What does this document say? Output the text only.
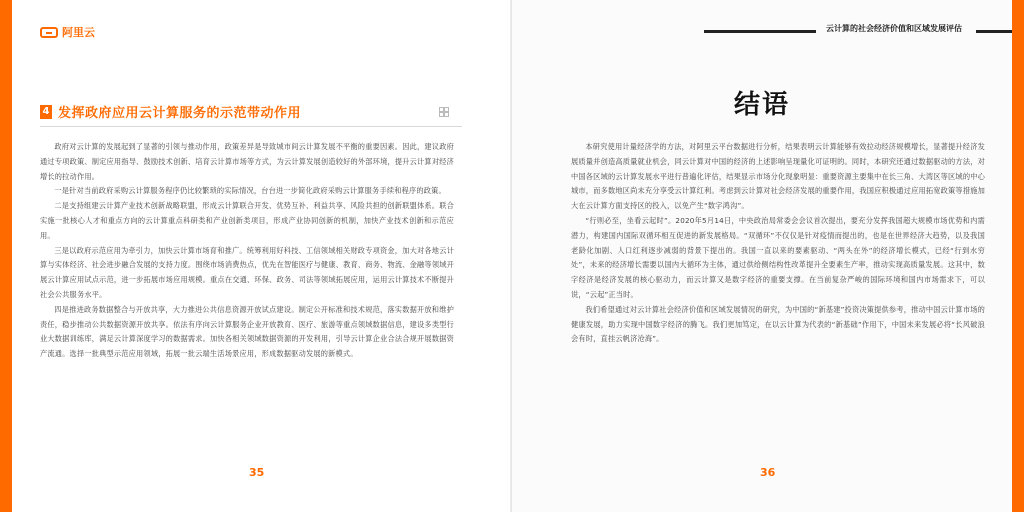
阿里云
4 发挥政府应用云计算服务的示范带动作用

政府对云计算的发展起到了显著的引领与推动作用，政策差异是导致城市间云计算发展不平衡的重要因素。因此，建议政府通过专项政策、制定应用指导、鼓励技术创新、培育云计算市场等方式，为云计算发展创造较好的外部环境，提升云计算对经济增长的拉动作用。

一是针对当前政府采购云计算服务程序仍比较繁琐的实际情况，台台进一步简化政府采购云计算服务手续和程序的政策。

二是支持组建云计算产业技术创新战略联盟，形成云计算联合开发、优势互补、利益共享、风险共担的创新联盟体系。联合实施一批核心人才和重点方向的云计算重点科研类和产业创新类项目，形成产业协同创新的机制，加快产业技术创新和示范应用。

三是以政府示范应用为牵引力，加快云计算市场育和推广。统筹利用好科技、工信领域相关财政专项资金，加大对各地云计算与实体经济、社会进步融合发展的支持力度。围绕市场消费热点，优先在智能医疗与健康、教育、商务、物流、金融等领域开展云计算应用试点示范，进一步拓展市场应用规模。重点在交通、环保、政务、司法等领域拓展应用，运用云计算技术不断提升社会公共服务水平。

四是推进政务数据整合与开放共享，大力推进公共信息资源开放试点建设。制定公开标准和技术规范，落实数据开放和维护责任，稳步推动公共数据资源开放共享。依法有序向云计算服务企业开放教育、医疗、旅游等重点领域数据信息，建设多类型行业大数据训练库，满足云计算深度学习的数据需求。加快各相关领域数据资源的开发利用，引导云计算企业合法合规开展数据资产流通。选择一批典型示范应用领域，拓展一批云端生活场景应用，形成数据驱动发展的新模式。

35
云计算的社会经济价值和区域发展评估
结语

本研究使用计量经济学的方法，对阿里云平台数据进行分析，结果表明云计算能够有效拉动经济规模增长，显著提升经济发展质量并创造高质量就业机会，同云计算对中国的经济的上述影响呈现量化可证明的。同时，本研究还通过数据驱动的方法，对中国各区域的云计算发展水平进行普遍化评估，结果显示市场分化现象明显：重要资源主要集中在长三角、大湾区等区域的中心城市，而多数地区尚未充分享受云计算红利。考虑到云计算对社会经济发展的重要作用，我国应积极通过应用拓宽政策等措施加大在云计算方面支持区的投入，以免产生“数字鸿沟”。

“行则必至，坐看云起时”。2020年5月14日，中央政治局常委会会议首次提出，要充分发挥我国超大规模市场优势和内需潜力，构建国内国际双循环相互促进的新发展格局。“双循环”不仅仅是针对疫情而提出的，也是在世界经济大趋势，以及我国老龄化加剧、人口红利逐步减弱的背景下提出的。我国一直以来的要素驱动、“两头在外”的经济增长模式，已经“行到水穷处”，未来的经济增长需要以国内大循环为主体，通过供给侧结构性改革提升全要素生产率，推动实现高质量发展。这其中，数字经济是经济发展的核心驱动力，而云计算又是数字经济的重要支撑。在当前复杂严峻的国际环境和国内市场需求下，可以说，“云起”正当时。

我们希望通过对云计算社会经济价值和区域发展情况的研究，为中国的“新基建”投资决策提供参考，推动中国云计算市场的健康发展，助力实现中国数字经济的腾飞。我们更加笃定，在以云计算为代表的“新基础”作用下，中国未来发展必将“长风破浪会有时，直挂云帆济沧海”。

36
